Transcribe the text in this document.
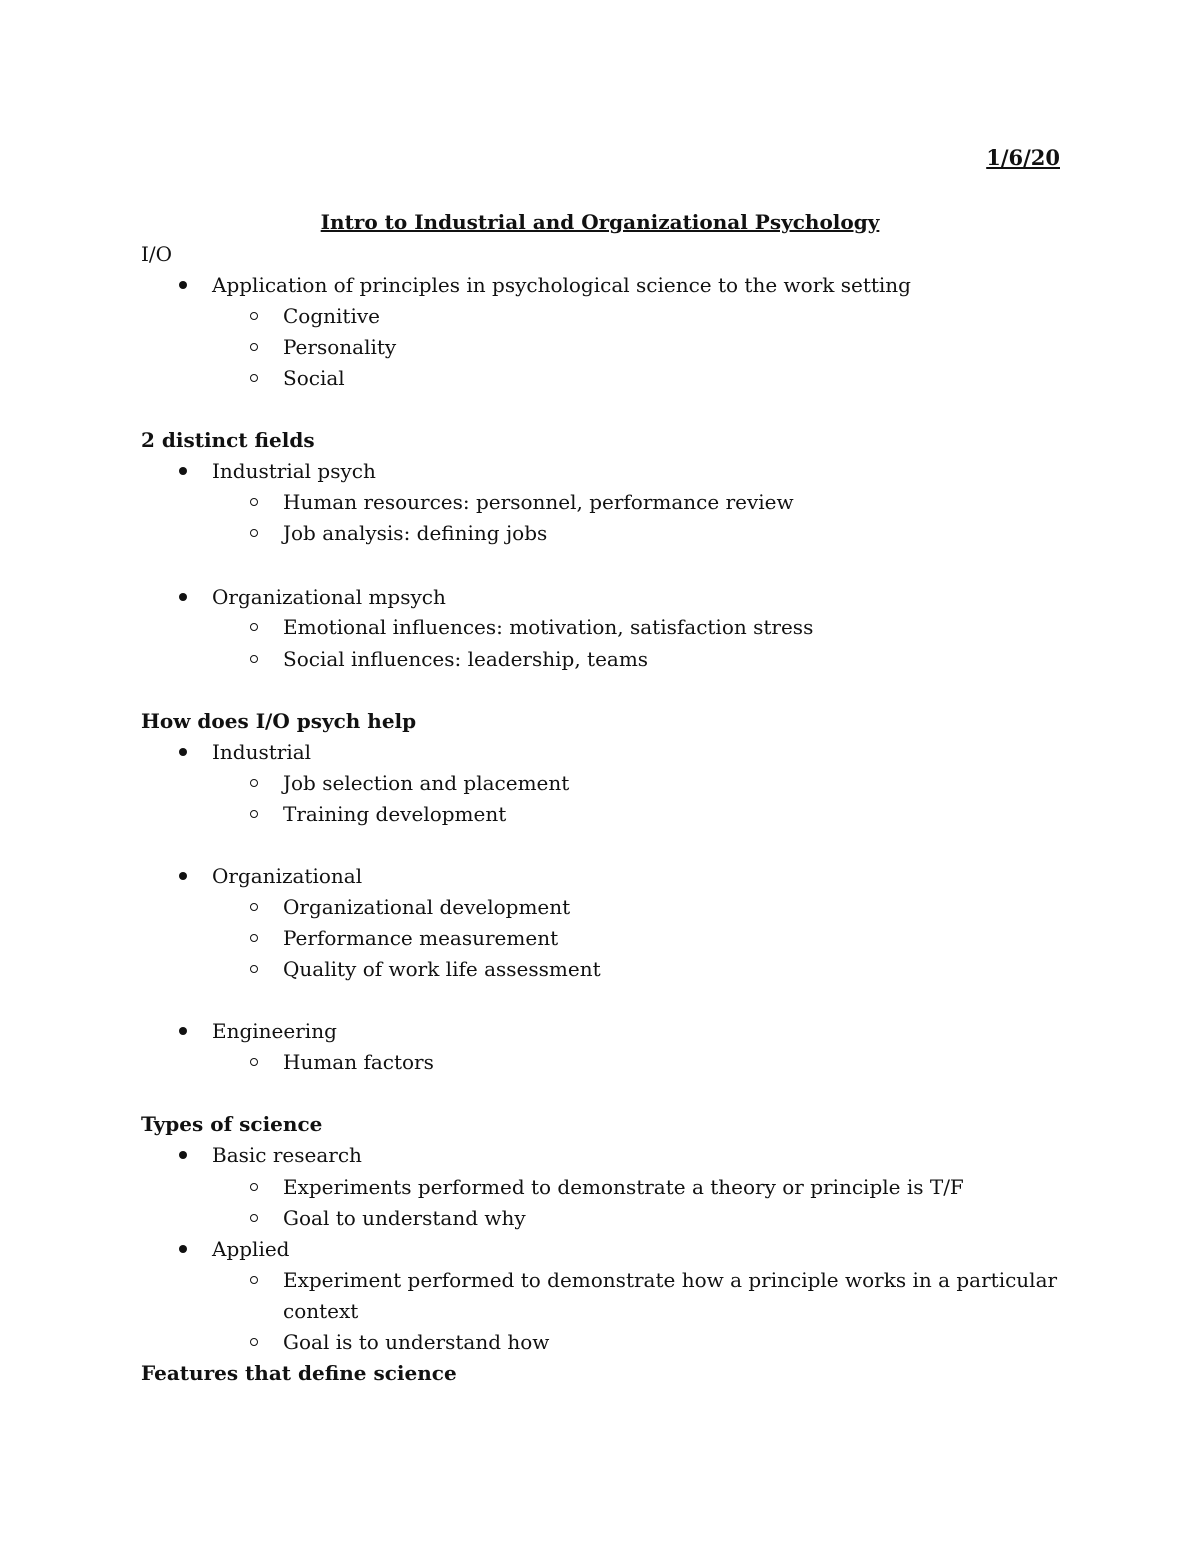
1/6/20
Intro to Industrial and Organizational Psychology
I/O
Application of principles in psychological science to the work setting
Cognitive
Personality
Social
2 distinct fields
Industrial psych
Human resources: personnel, performance review
Job analysis: defining jobs
Organizational mpsych
Emotional influences: motivation, satisfaction stress
Social influences: leadership, teams
How does I/O psych help
Industrial
Job selection and placement
Training development
Organizational
Organizational development
Performance measurement
Quality of work life assessment
Engineering
Human factors
Types of science
Basic research
Experiments performed to demonstrate a theory or principle is T/F
Goal to understand why
Applied
Experiment performed to demonstrate how a principle works in a particular
context
Goal is to understand how
Features that define science
